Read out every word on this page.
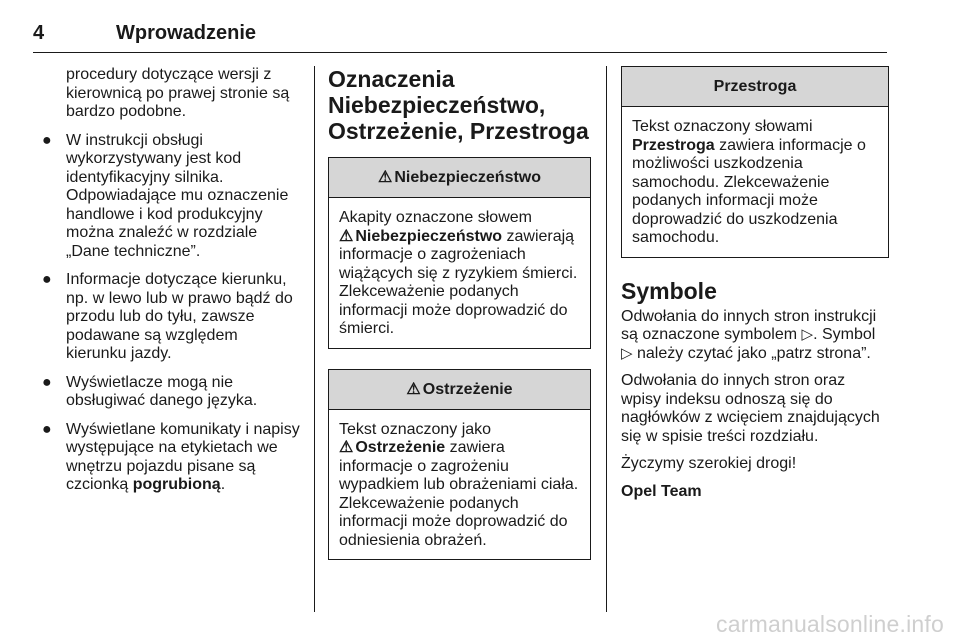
4	Wprowadzenie

procedury dotyczące wersji z kierownicą po prawej stronie są bardzo podobne.

● W instrukcji obsługi wykorzystywany jest kod identyfikacyjny silnika. Odpowiadające mu oznaczenie handlowe i kod produkcyjny można znaleźć w rozdziale „Dane techniczne”.
● Informacje dotyczące kierunku, np. w lewo lub w prawo bądź do przodu lub do tyłu, zawsze podawane są względem kierunku jazdy.
● Wyświetlacze mogą nie obsługiwać danego języka.
● Wyświetlane komunikaty i napisy występujące na etykietach we wnętrzu pojazdu pisane są czcionką pogrubioną.
Oznaczenia Niebezpieczeństwo, Ostrzeżenie, Przestroga
⚠ Niebezpieczeństwo

Akapity oznaczone słowem
⚠ Niebezpieczeństwo zawierają informacje o zagrożeniach wiążących się z ryzykiem śmierci. Zlekceważenie podanych informacji może doprowadzić do śmierci.

⚠ Ostrzeżenie

Tekst oznaczony jako
⚠ Ostrzeżenie zawiera informacje o zagrożeniu wypadkiem lub obrażeniami ciała. Zlekceważenie podanych informacji może doprowadzić do odniesienia obrażeń.

Przestroga

Tekst oznaczony słowami
Przestroga zawiera informacje o możliwości uszkodzenia samochodu. Zlekceważenie podanych informacji może doprowadzić do uszkodzenia samochodu.

Symbole

Odwołania do innych stron instrukcji są oznaczone symbolem ▷. Symbol ▷ należy czytać jako „patrz strona”.

Odwołania do innych stron oraz wpisy indeksu odnoszą się do nagłówków z wcięciem znajdujących się w spisie treści rozdziału.

Życzymy szerokiej drogi!

Opel Team

carmanualsonline.info
